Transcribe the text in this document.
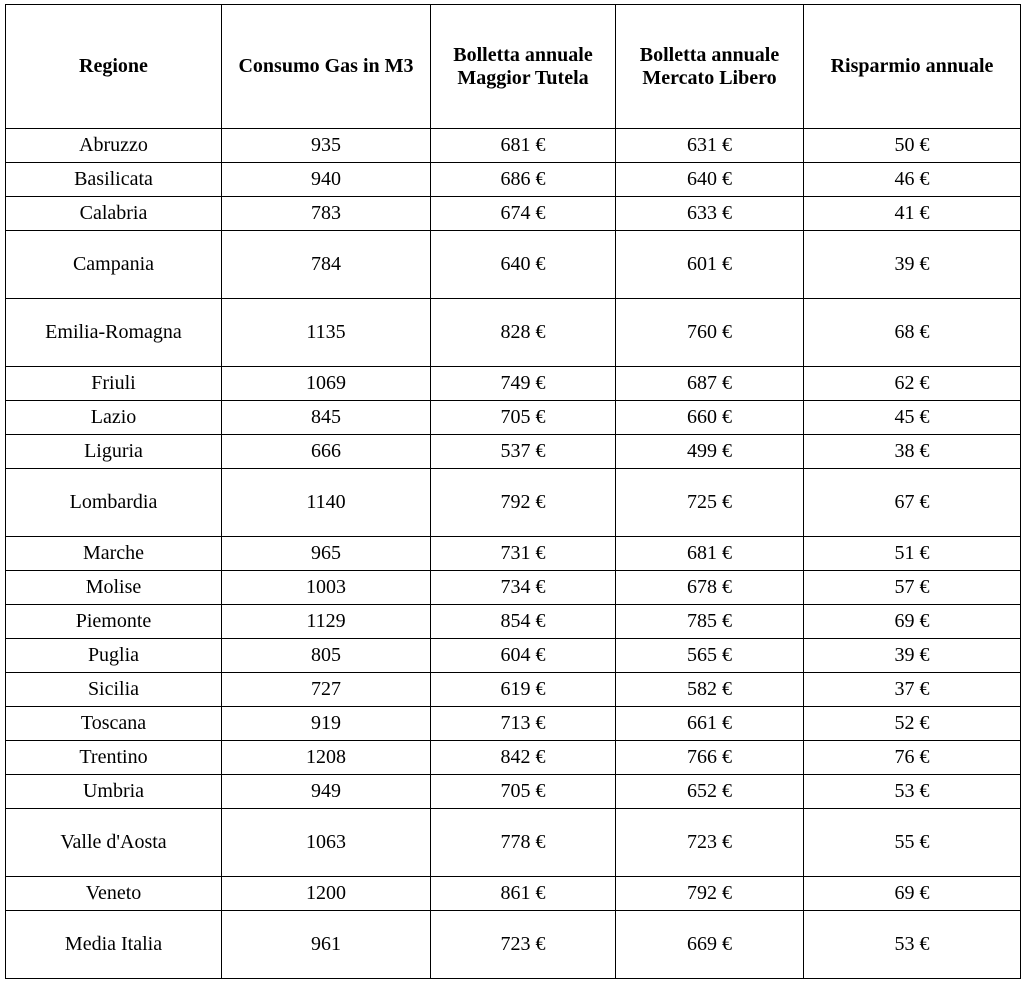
Regione	Consumo Gas in M3	Bolletta annuale Maggior Tutela	Bolletta annuale Mercato Libero	Risparmio annuale
Abruzzo	935	681 €	631 €	50 €
Basilicata	940	686 €	640 €	46 €
Calabria	783	674 €	633 €	41 €
Campania	784	640 €	601 €	39 €
Emilia-Romagna	1135	828 €	760 €	68 €
Friuli	1069	749 €	687 €	62 €
Lazio	845	705 €	660 €	45 €
Liguria	666	537 €	499 €	38 €
Lombardia	1140	792 €	725 €	67 €
Marche	965	731 €	681 €	51 €
Molise	1003	734 €	678 €	57 €
Piemonte	1129	854 €	785 €	69 €
Puglia	805	604 €	565 €	39 €
Sicilia	727	619 €	582 €	37 €
Toscana	919	713 €	661 €	52 €
Trentino	1208	842 €	766 €	76 €
Umbria	949	705 €	652 €	53 €
Valle d'Aosta	1063	778 €	723 €	55 €
Veneto	1200	861 €	792 €	69 €
Media Italia	961	723 €	669 €	53 €
